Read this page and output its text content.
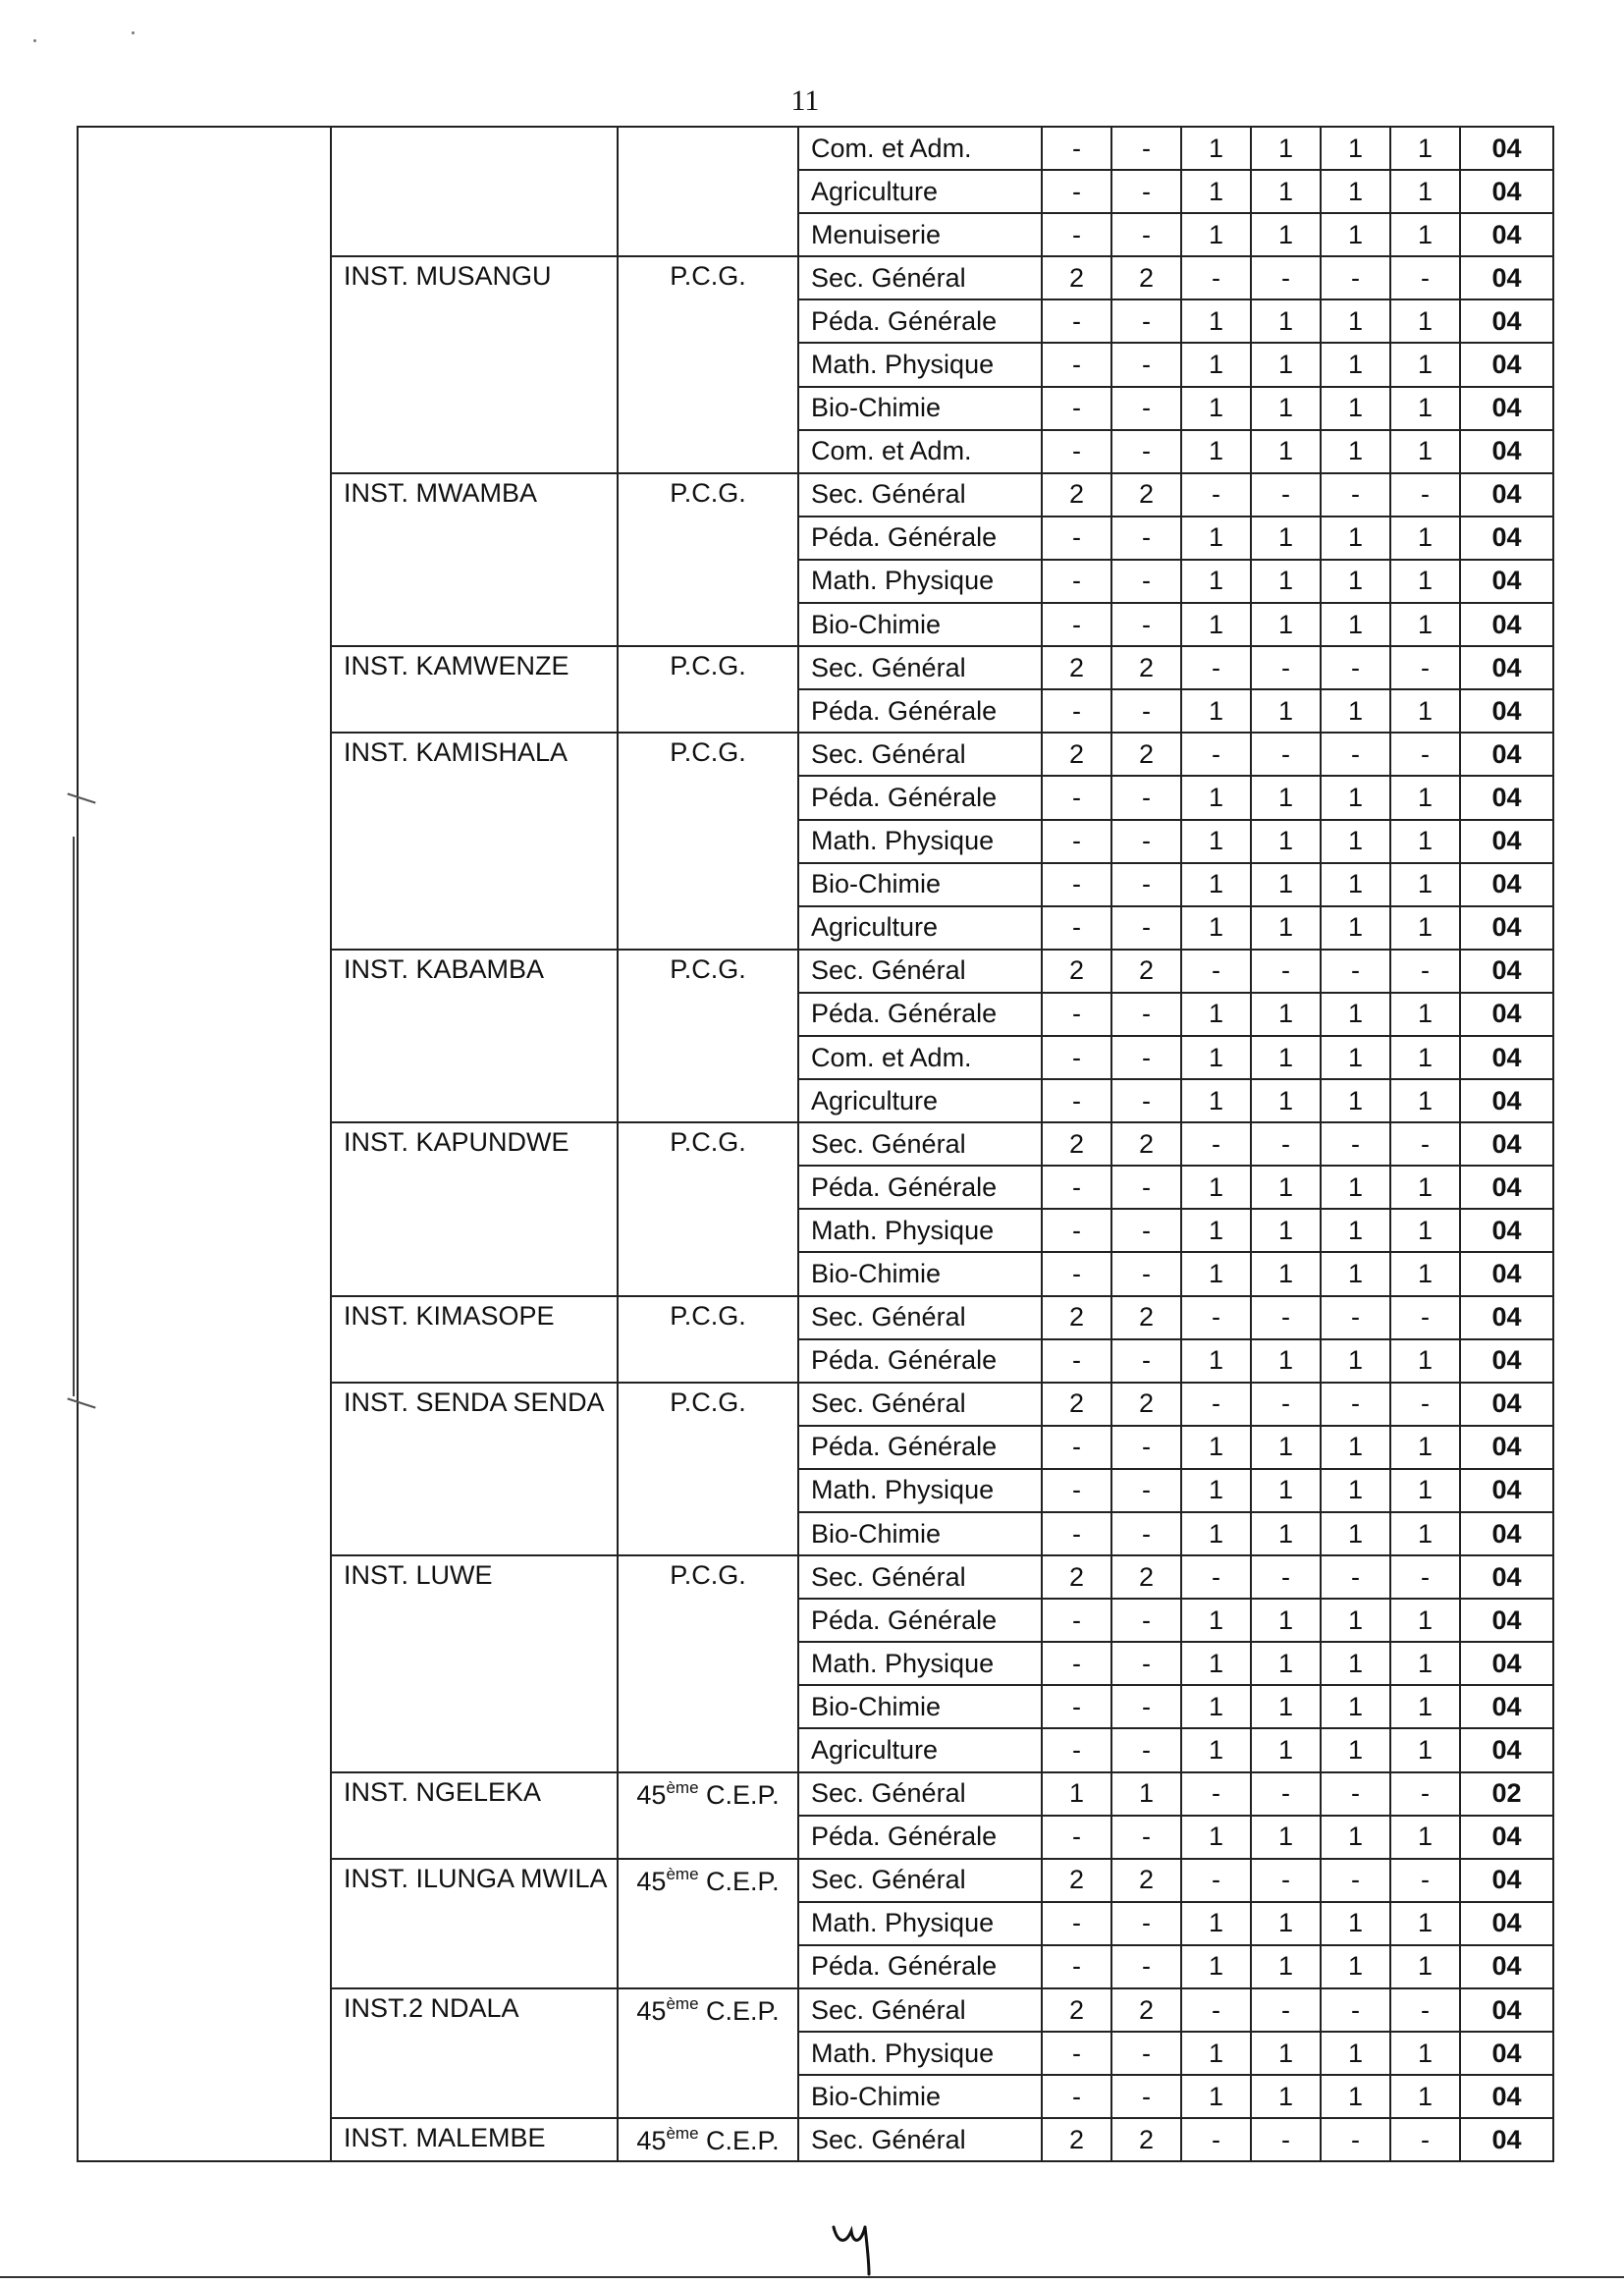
11
			Com. et Adm.	-	-	1	1	1	1	04
			Agriculture	-	-	1	1	1	1	04
			Menuiserie	-	-	1	1	1	1	04
	INST. MUSANGU	P.C.G.	Sec. Général	2	2	-	-	-	-	04
			Péda. Générale	-	-	1	1	1	1	04
			Math. Physique	-	-	1	1	1	1	04
			Bio-Chimie	-	-	1	1	1	1	04
			Com. et Adm.	-	-	1	1	1	1	04
	INST. MWAMBA	P.C.G.	Sec. Général	2	2	-	-	-	-	04
			Péda. Générale	-	-	1	1	1	1	04
			Math. Physique	-	-	1	1	1	1	04
			Bio-Chimie	-	-	1	1	1	1	04
	INST. KAMWENZE	P.C.G.	Sec. Général	2	2	-	-	-	-	04
			Péda. Générale	-	-	1	1	1	1	04
	INST. KAMISHALA	P.C.G.	Sec. Général	2	2	-	-	-	-	04
			Péda. Générale	-	-	1	1	1	1	04
			Math. Physique	-	-	1	1	1	1	04
			Bio-Chimie	-	-	1	1	1	1	04
			Agriculture	-	-	1	1	1	1	04
	INST. KABAMBA	P.C.G.	Sec. Général	2	2	-	-	-	-	04
			Péda. Générale	-	-	1	1	1	1	04
			Com. et Adm.	-	-	1	1	1	1	04
			Agriculture	-	-	1	1	1	1	04
	INST. KAPUNDWE	P.C.G.	Sec. Général	2	2	-	-	-	-	04
			Péda. Générale	-	-	1	1	1	1	04
			Math. Physique	-	-	1	1	1	1	04
			Bio-Chimie	-	-	1	1	1	1	04
	INST. KIMASOPE	P.C.G.	Sec. Général	2	2	-	-	-	-	04
			Péda. Générale	-	-	1	1	1	1	04
	INST. SENDA SENDA	P.C.G.	Sec. Général	2	2	-	-	-	-	04
			Péda. Générale	-	-	1	1	1	1	04
			Math. Physique	-	-	1	1	1	1	04
			Bio-Chimie	-	-	1	1	1	1	04
	INST. LUWE	P.C.G.	Sec. Général	2	2	-	-	-	-	04
			Péda. Générale	-	-	1	1	1	1	04
			Math. Physique	-	-	1	1	1	1	04
			Bio-Chimie	-	-	1	1	1	1	04
			Agriculture	-	-	1	1	1	1	04
	INST. NGELEKA	45ème C.E.P.	Sec. Général	1	1	-	-	-	-	02
			Péda. Générale	-	-	1	1	1	1	04
	INST. ILUNGA MWILA	45ème C.E.P.	Sec. Général	2	2	-	-	-	-	04
			Math. Physique	-	-	1	1	1	1	04
			Péda. Générale	-	-	1	1	1	1	04
	INST.2 NDALA	45ème C.E.P.	Sec. Général	2	2	-	-	-	-	04
			Math. Physique	-	-	1	1	1	1	04
			Bio-Chimie	-	-	1	1	1	1	04
	INST. MALEMBE	45ème C.E.P.	Sec. Général	2	2	-	-	-	-	04
